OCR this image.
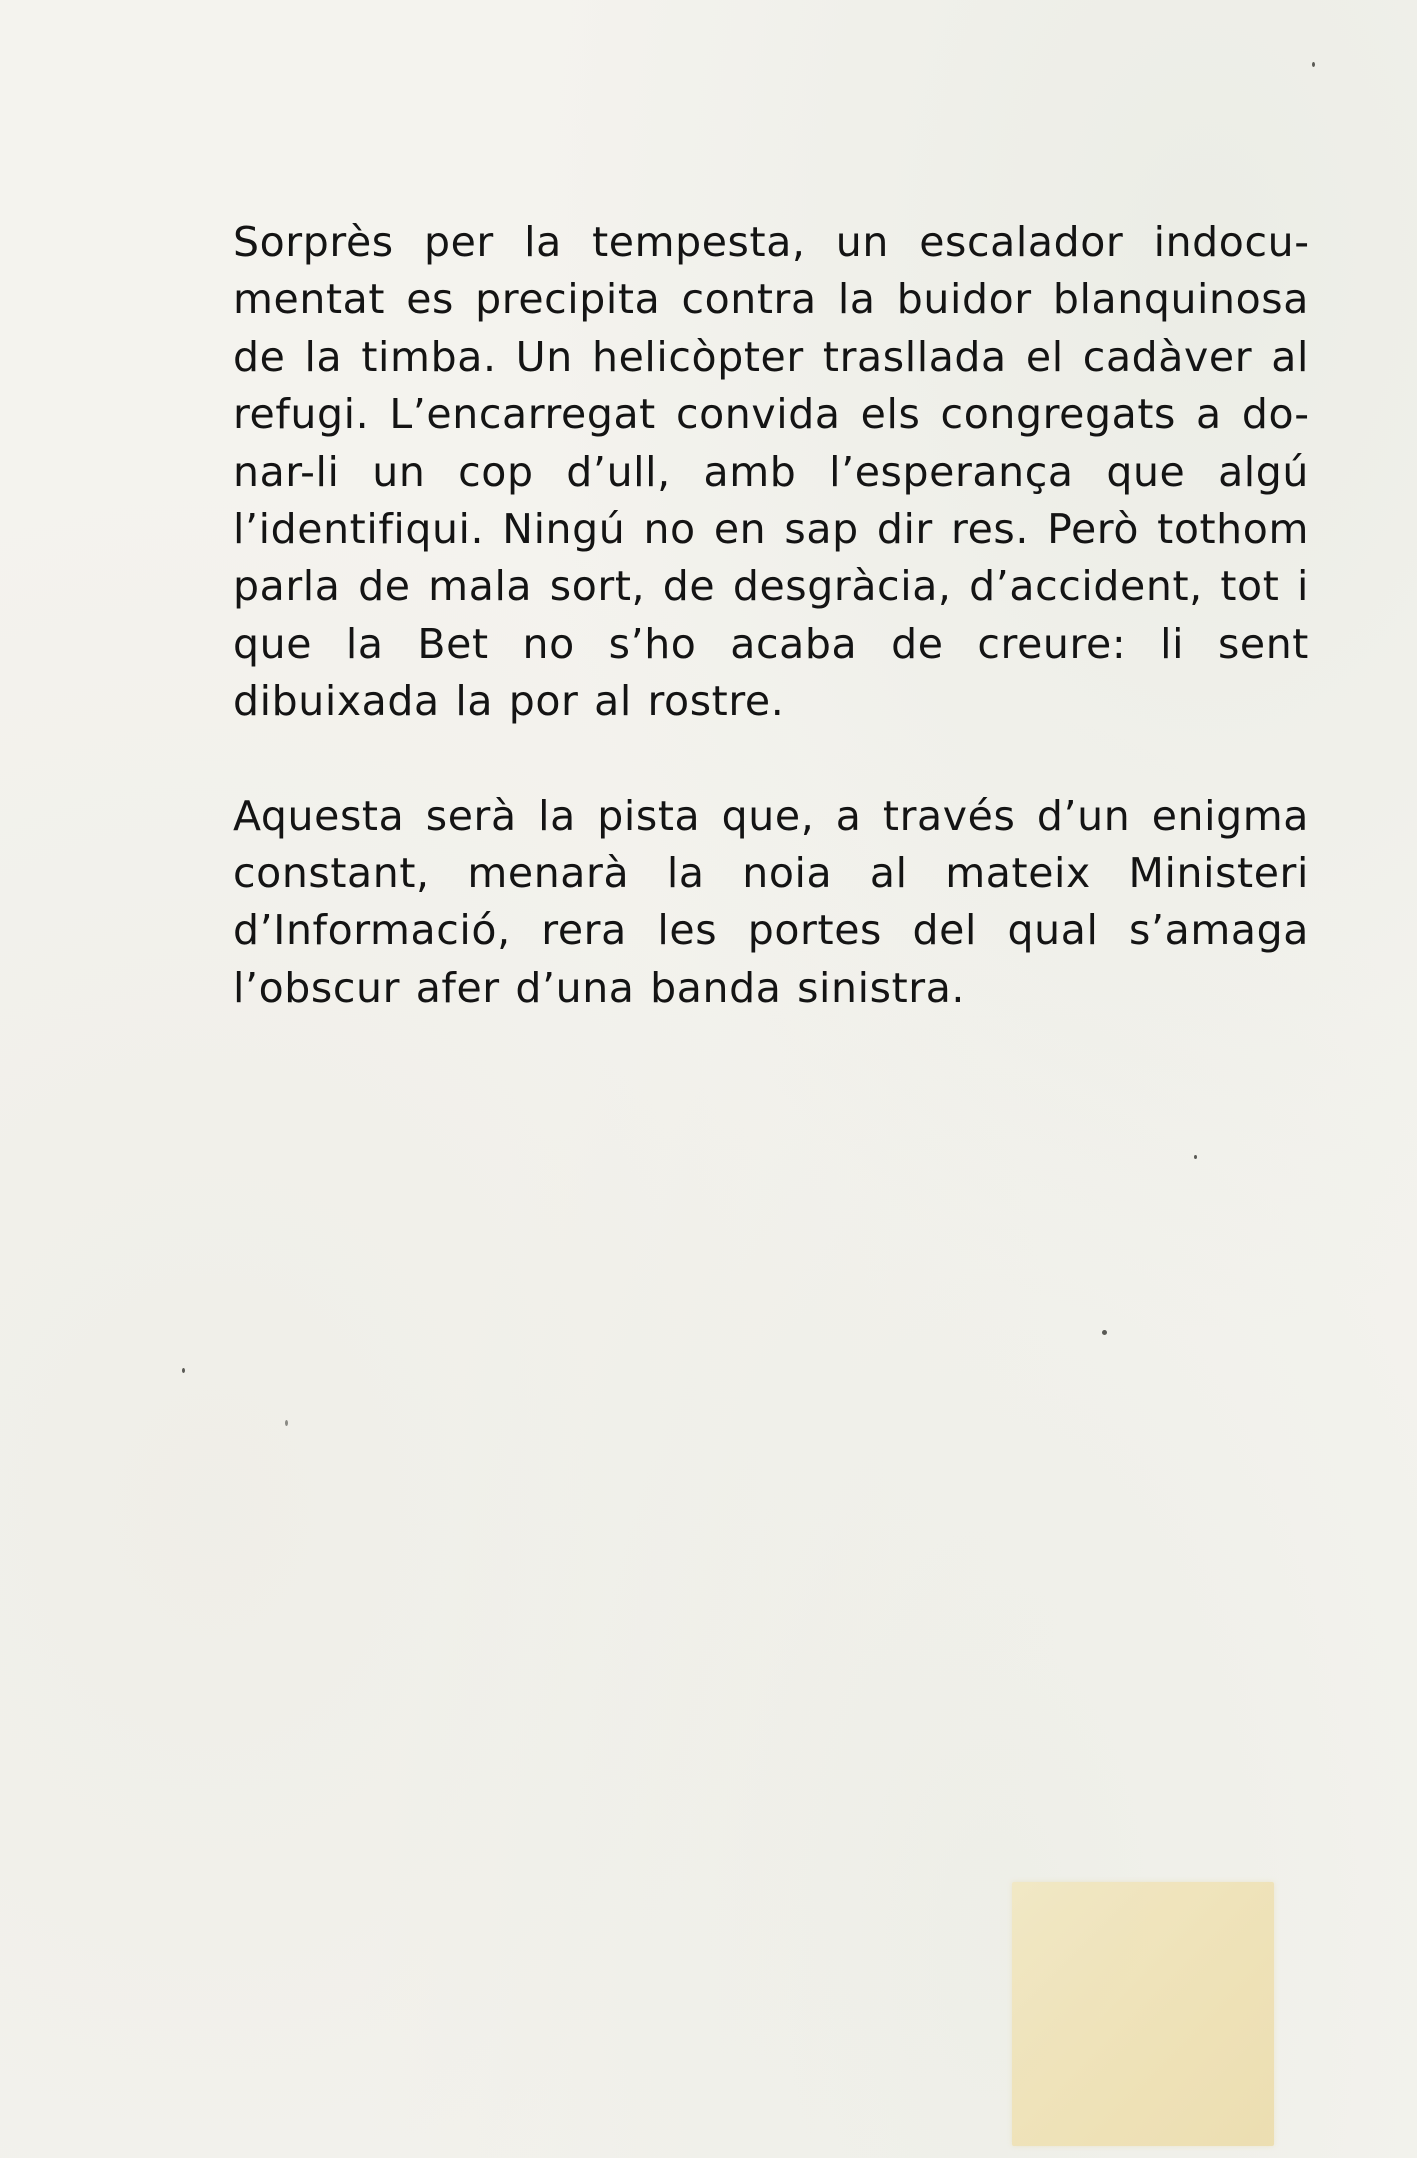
Sorprès per la tempesta, un escalador indocumentat es precipita contra la buidor blanquinosa de la timba. Un helicòpter trasllada el cadàver al refugi. L’encarregat convida els congregats a donar-li un cop d’ull, amb l’esperança que algú l’identifiqui. Ningú no en sap dir res. Però tothom parla de mala sort, de desgràcia, d’accident, tot i que la Bet no s’ho acaba de creure: li sent dibuixada la por al rostre.

Aquesta serà la pista que, a través d’un enigma constant, menarà la noia al mateix Ministeri d’Informació, rera les portes del qual s’amaga l’obscur afer d’una banda sinistra.
